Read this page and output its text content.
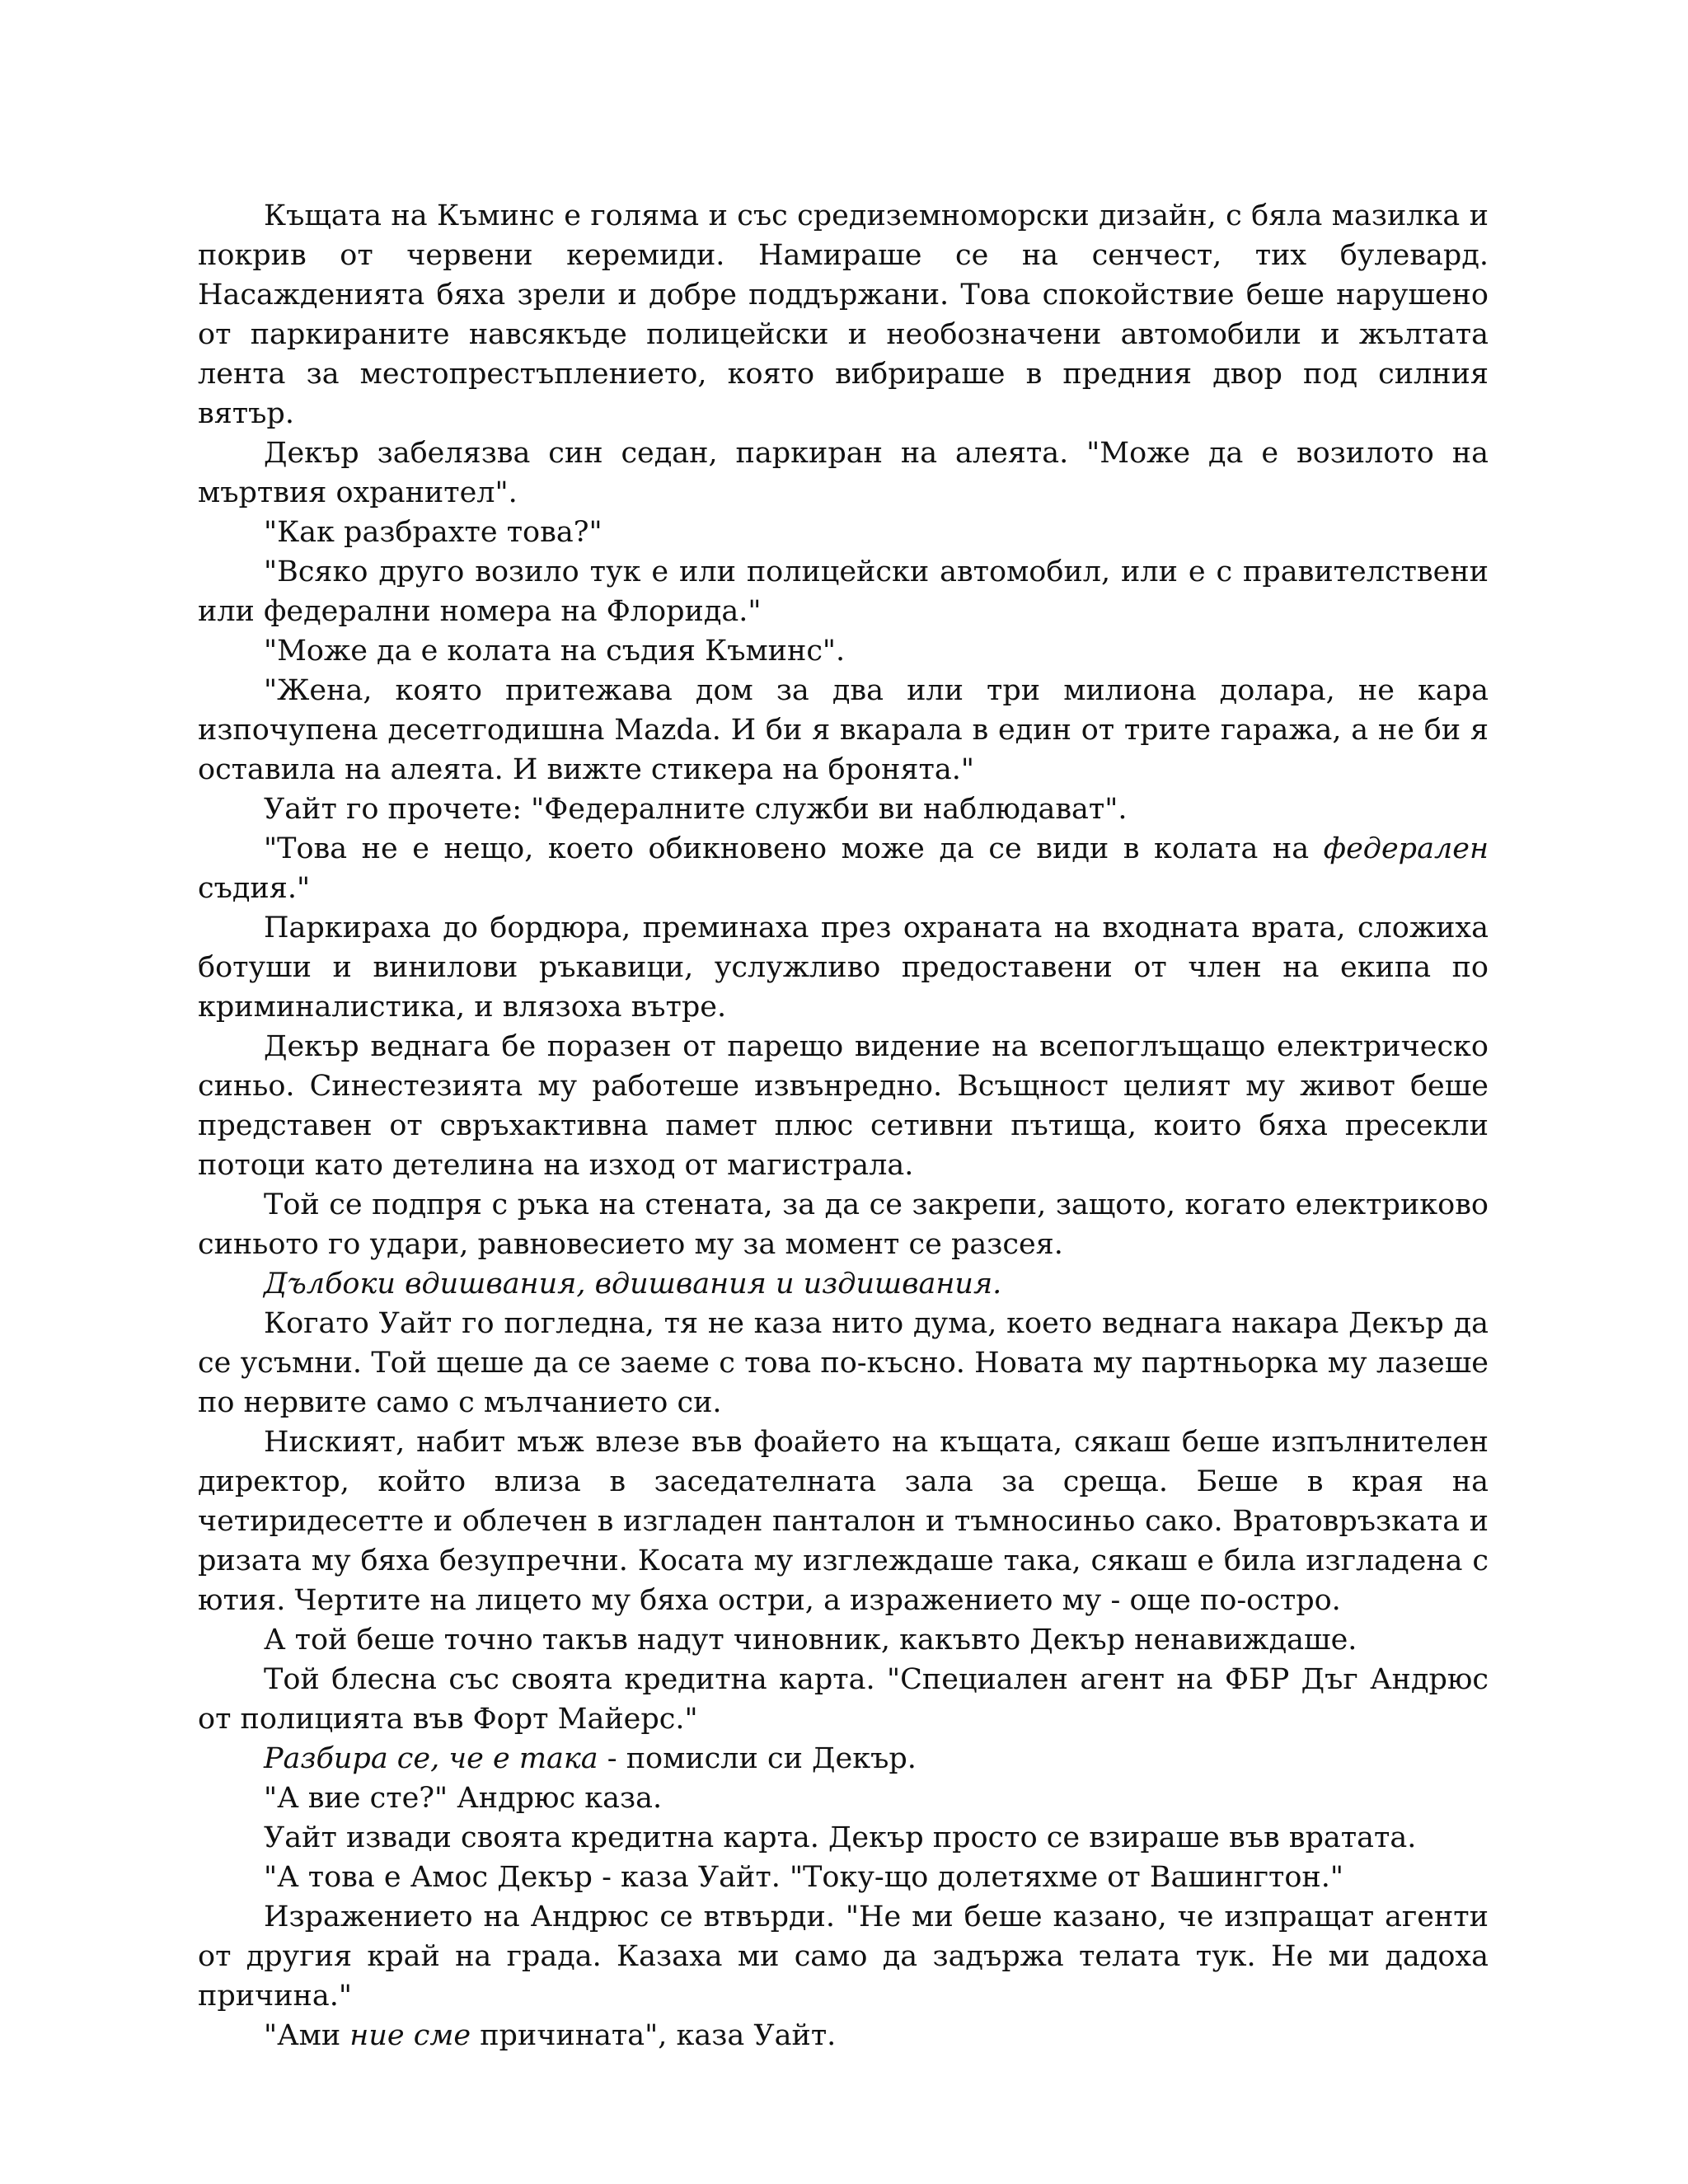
Къщата на Къминс е голяма и със средиземноморски дизайн, с бяла мазилка и покрив от червени керемиди. Намираше се на сенчест, тих булевард. Насажденията бяха зрели и добре поддържани. Това спокойствие беше нарушено от паркираните навсякъде полицейски и необозначени автомобили и жълтата лента за местопрестъплението, която вибрираше в предния двор под силния вятър.

Декър забелязва син седан, паркиран на алеята. "Може да е возилото на мъртвия охранител".

"Как разбрахте това?"

"Всяко друго возило тук е или полицейски автомобил, или е с правителствени или федерални номера на Флорида."

"Може да е колата на съдия Къминс".

"Жена, която притежава дом за два или три милиона долара, не кара изпочупена десетгодишна Mazda. И би я вкарала в един от трите гаража, а не би я оставила на алеята. И вижте стикера на бронята."

Уайт го прочете: "Федералните служби ви наблюдават".

"Това не е нещо, което обикновено може да се види в колата на федерален съдия."

Паркираха до бордюра, преминаха през охраната на входната врата, сложиха ботуши и винилови ръкавици, услужливо предоставени от член на екипа по криминалистика, и влязоха вътре.

Декър веднага бе поразен от парещо видение на всепоглъщащо електрическо синьо. Синестезията му работеше извънредно. Всъщност целият му живот беше представен от свръхактивна памет плюс сетивни пътища, които бяха пресекли потоци като детелина на изход от магистрала.

Той се подпря с ръка на стената, за да се закрепи, защото, когато електриково синьото го удари, равновесието му за момент се разсея.

Дълбоки вдишвания, вдишвания и издишвания.

Когато Уайт го погледна, тя не каза нито дума, което веднага накара Декър да се усъмни. Той щеше да се заеме с това по-късно. Новата му партньорка му лазеше по нервите само с мълчанието си.

Ниският, набит мъж влезе във фоайето на къщата, сякаш беше изпълнителен директор, който влиза в заседателната зала за среща. Беше в края на четиридесетте и облечен в изгладен панталон и тъмносиньо сако. Вратовръзката и ризата му бяха безупречни. Косата му изглеждаше така, сякаш е била изгладена с ютия. Чертите на лицето му бяха остри, а изражението му - още по-остро.

А той беше точно такъв надут чиновник, какъвто Декър ненавиждаше.

Той блесна със своята кредитна карта. "Специален агент на ФБР Дъг Андрюс от полицията във Форт Майерс."

Разбира се, че е така - помисли си Декър.

"А вие сте?" Андрюс каза.

Уайт извади своята кредитна карта. Декър просто се взираше във вратата.

"А това е Амос Декър - каза Уайт. "Току-що долетяхме от Вашингтон."

Изражението на Андрюс се втвърди. "Не ми беше казано, че изпращат агенти от другия край на града. Казаха ми само да задържа телата тук. Не ми дадоха причина."

"Ами ние сме причината", каза Уайт.
